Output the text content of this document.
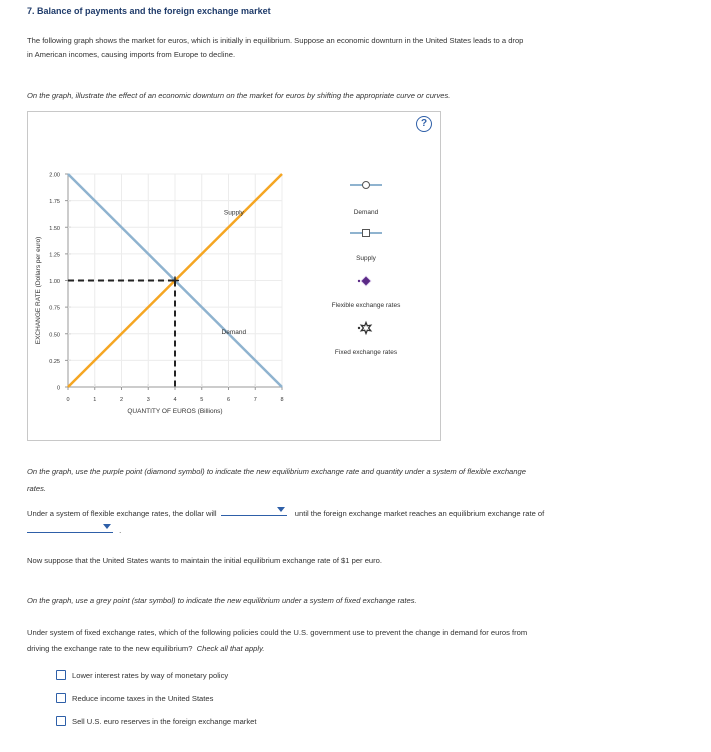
7. Balance of payments and the foreign exchange market
The following graph shows the market for euros, which is initially in equilibrium. Suppose an economic downturn in the United States leads to a drop
in American incomes, causing imports from Europe to decline.
On the graph, illustrate the effect of an economic downturn on the market for euros by shifting the appropriate curve or curves.
?
0
0.25
0.50
0.75
1.00
1.25
1.50
1.75
2.00
0	1	2	3	4	5	6	7	8
QUANTITY OF EUROS (Billions)
EXCHANGE RATE (Dollars per euro)
Supply
Demand
Demand
Supply
Flexible exchange rates
Fixed exchange rates
On the graph, use the purple point (diamond symbol) to indicate the new equilibrium exchange rate and quantity under a system of flexible exchange
rates.
Under a system of flexible exchange rates, the dollar will	until the foreign exchange market reaches an equilibrium exchange rate of
.
Now suppose that the United States wants to maintain the initial equilibrium exchange rate of $1 per euro.
On the graph, use a grey point (star symbol) to indicate the new equilibrium under a system of fixed exchange rates.
Under system of fixed exchange rates, which of the following policies could the U.S. government use to prevent the change in demand for euros from
driving the exchange rate to the new equilibrium? Check all that apply.
Lower interest rates by way of monetary policy
Reduce income taxes in the United States
Sell U.S. euro reserves in the foreign exchange market
